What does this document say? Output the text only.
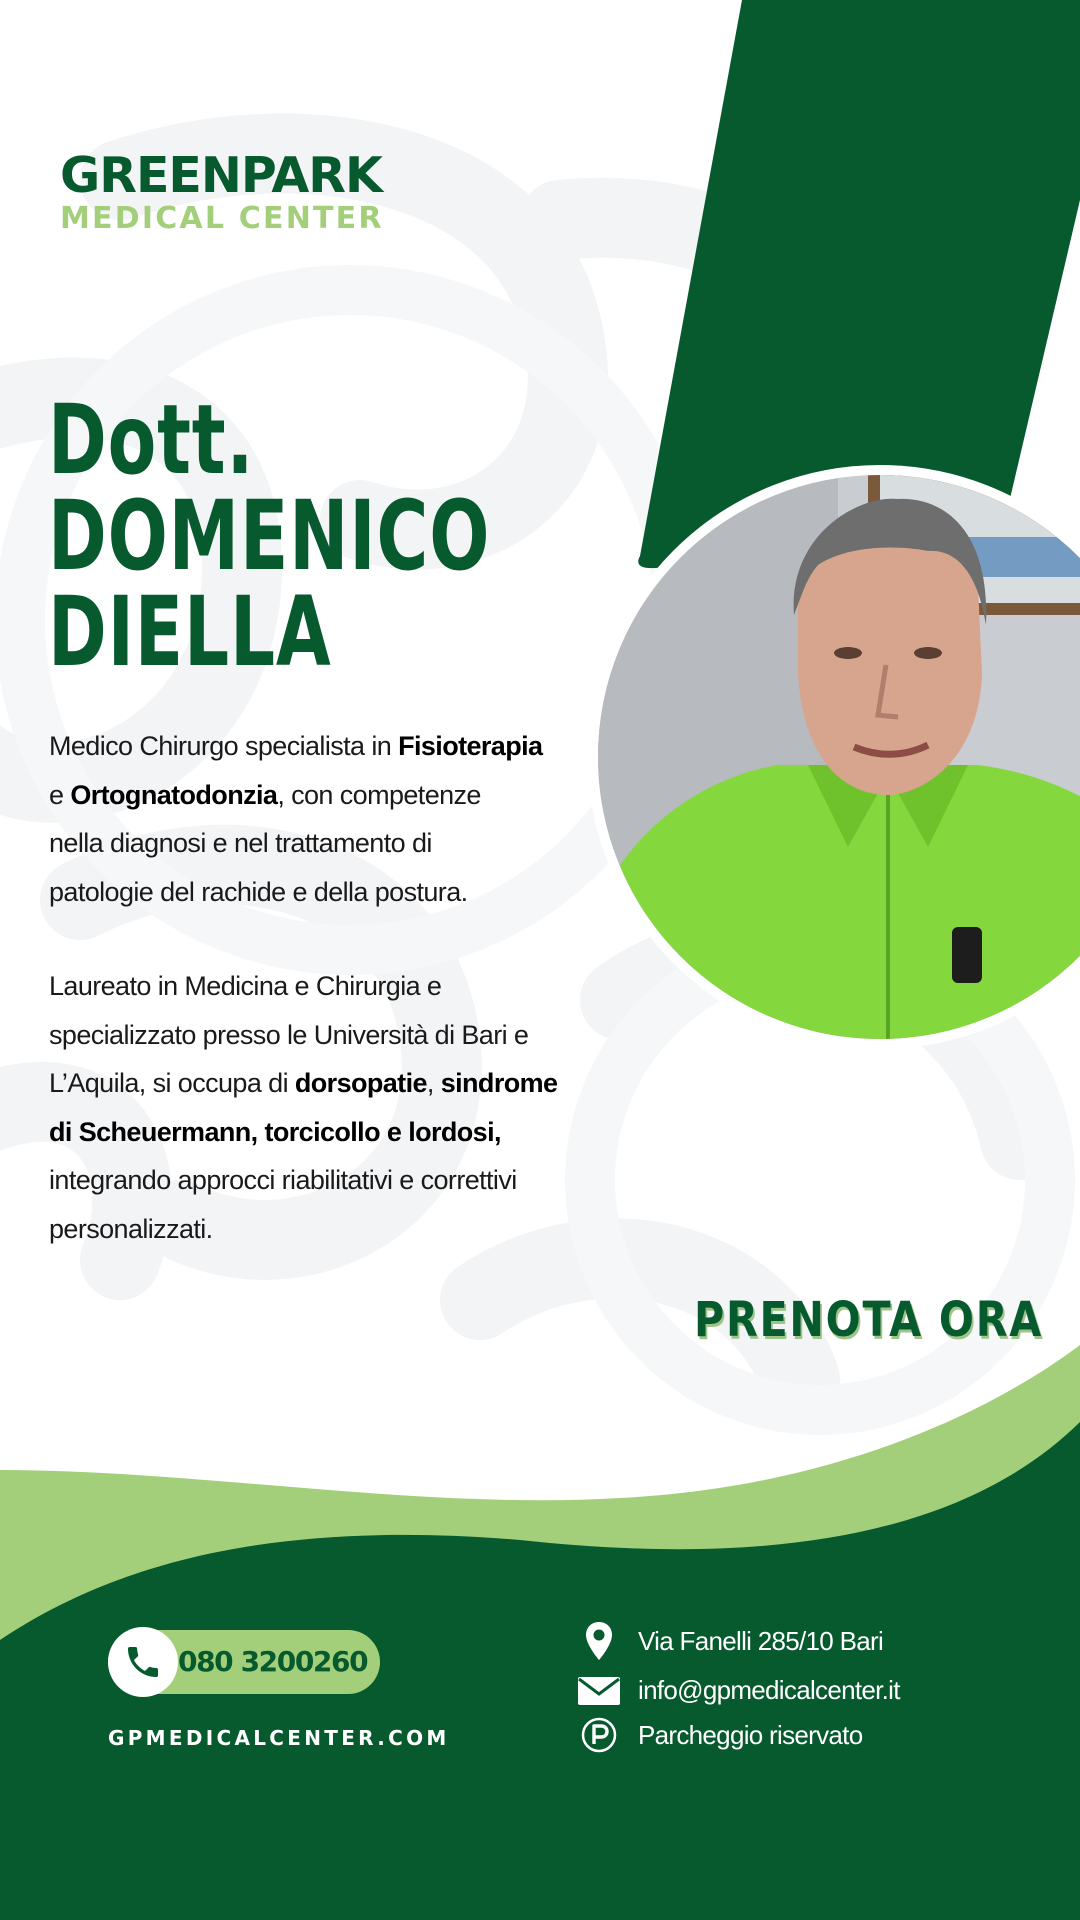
GREENPARK
MEDICAL CENTER
Dott.
DOMENICO
DIELLA

Medico Chirurgo specialista in Fisioterapia
e Ortognatodonzia, con competenze
nella diagnosi e nel trattamento di
patologie del rachide e della postura.

Laureato in Medicina e Chirurgia e
specializzato presso le Università di Bari e
L’Aquila, si occupa di dorsopatie, sindrome
di Scheuermann, torcicollo e lordosi,
integrando approcci riabilitativi e correttivi
personalizzati.

PRENOTA ORA
080 3200260
GPMEDICALCENTER.COM
Via Fanelli 285/10 Bari
info@gpmedicalcenter.it
Parcheggio riservato
